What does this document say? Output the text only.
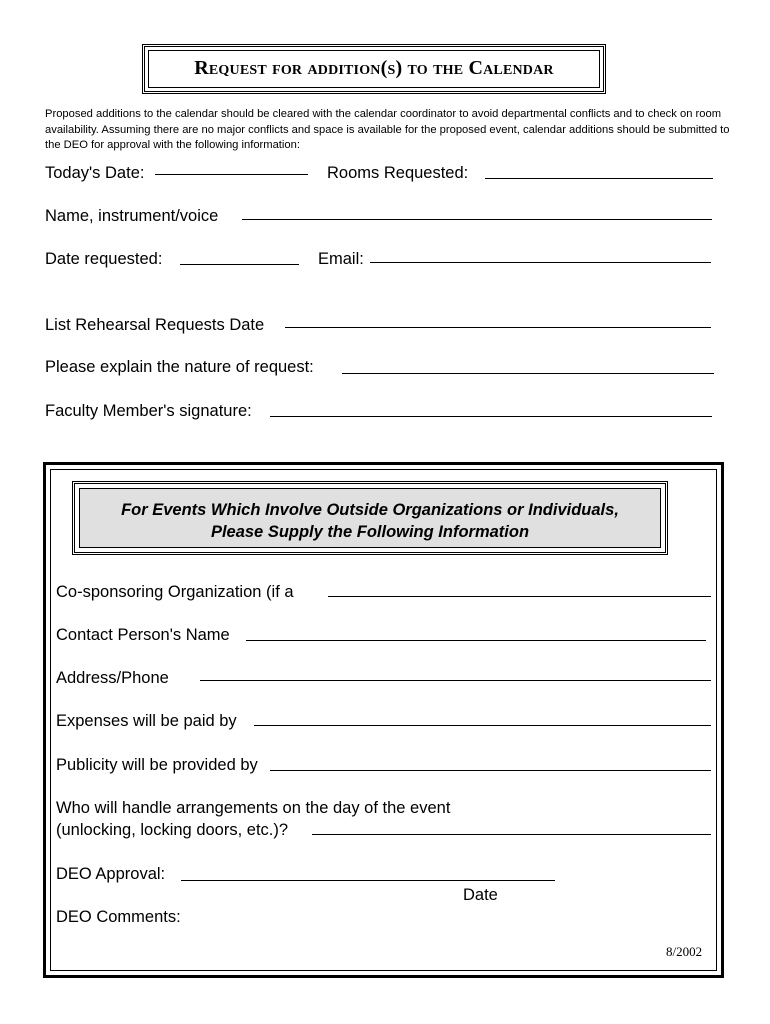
Request for addition(s) to the Calendar
Proposed additions to the calendar should be cleared with the calendar coordinator to avoid departmental conflicts and to check on room availability. Assuming there are no major conflicts and space is available for the proposed event, calendar additions should be submitted to the DEO for approval with the following information:
Today's Date:	Rooms Requested:
Name, instrument/voice
Date requested:	Email:
List Rehearsal Requests Date
Please explain the nature of request:
Faculty Member's signature:
For Events Which Involve Outside Organizations or Individuals,
Please Supply the Following Information
Co-sponsoring Organization (if a
Contact Person's Name
Address/Phone
Expenses will be paid by
Publicity will be provided by
Who will handle arrangements on the day of the event
(unlocking, locking doors, etc.)?
DEO Approval:
Date
DEO Comments:
8/2002
